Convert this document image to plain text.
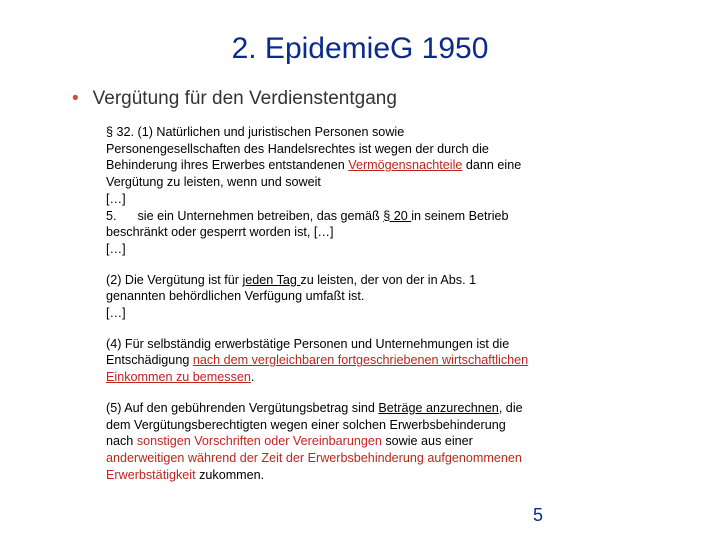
2. EpidemieG 1950
• Vergütung für den Verdienstentgang
§ 32. (1) Natürlichen und juristischen Personen sowie
Personengesellschaften des Handelsrechtes ist wegen der durch die
Behinderung ihres Erwerbes entstandenen Vermögensnachteile dann eine
Vergütung zu leisten, wenn und soweit
[…]
5.      sie ein Unternehmen betreiben, das gemäß § 20 in seinem Betrieb
beschränkt oder gesperrt worden ist, […]
[…]
(2) Die Vergütung ist für jeden Tag zu leisten, der von der in Abs. 1
genannten behördlichen Verfügung umfaßt ist.
[…]
(4) Für selbständig erwerbstätige Personen und Unternehmungen ist die
Entschädigung nach dem vergleichbaren fortgeschriebenen wirtschaftlichen
Einkommen zu bemessen.
(5) Auf den gebührenden Vergütungsbetrag sind Beträge anzurechnen, die
dem Vergütungsberechtigten wegen einer solchen Erwerbsbehinderung
nach sonstigen Vorschriften oder Vereinbarungen sowie aus einer
anderweitigen während der Zeit der Erwerbsbehinderung aufgenommenen
Erwerbstätigkeit zukommen.
5
